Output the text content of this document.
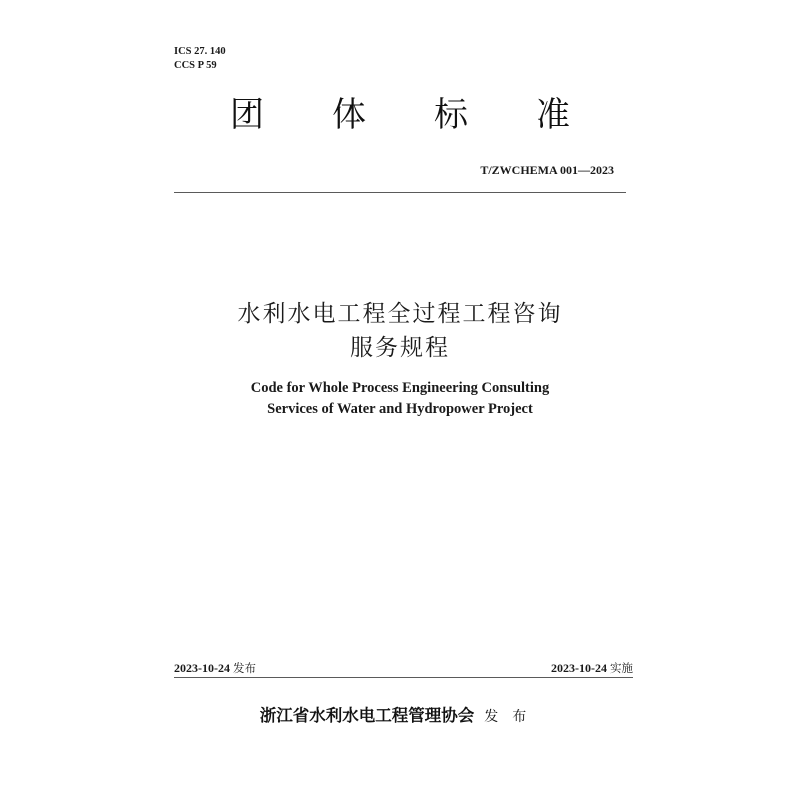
ICS 27. 140
CCS P 59
团 体 标 准
T/ZWCHEMA 001—2023
水利水电工程全过程工程咨询
服务规程
Code for Whole Process Engineering Consulting
Services of Water and Hydropower Project
2023-10-24 发布	2023-10-24 实施
浙江省水利水电工程管理协会 发布
